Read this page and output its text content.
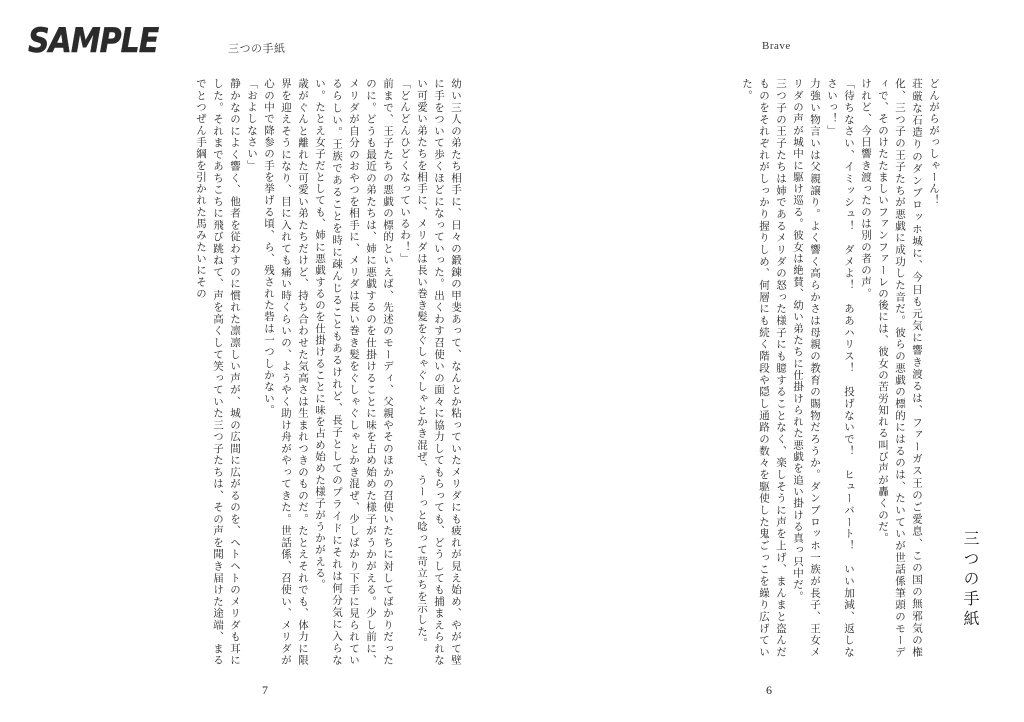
SAMPLE	三つの手紙

幼い三人の弟たち相手に、日々の鍛錬の甲斐あって、なんとか粘っていたメリダにも疲れが見え始め、やがて壁に手をついて歩くほどになっていった。出くわす召使いの面々に協力してもらっても、どうしても捕まえられない可愛い弟たちを相手に、メリダは長い巻き髪をぐしゃぐしゃとかき混ぜ、うーっと唸って苛立ちを示した。

「どんどんひどくなっているわ！」

前まで、王子たちの悪戯の標的といえば、先述のモーディ、父親やそのほかの召使いたちに対してばかりだったのに。どうも最近の弟たちは、姉に悪戯するのを仕掛けることに味を占め始めた様子がうかがえる。少し前に、メリダが自分のおやつを相手に、メリダは長い巻き髪をぐしゃぐしゃとかき混ぜ、少しばかり下手に見られているらしい。王族であることを時に疎んじることもあるけれど、長子としてのプライドにそれは何分気に入らない。たとえ女子だとしても、姉に悪戯するのを仕掛けることに味を占め始めた様子がうかがえる。

歳がぐんと離れた可愛い弟たちだけど、持ち合わせた気高さは生まれつきのものだ。たとえそれでも、体力に限界を迎えそうになり、目に入れても痛い時くらいの、ようやく助け舟がやってきた。世話係、召使い、メリダが心の中で降参の手を挙げる頃、ら、残された砦は一つしかない。

「およしなさい」

静かなのによく響く、他者を従わすのに慣れた凛凛しい声が、城の広間に広がるのを、ヘトヘトのメリダも耳にした。それまであちこちに飛び跳ねて、声を高くして笑っていた三つ子たちは、その声を聞き届けた途端、まるでとつぜん手綱を引かれた馬みたいにその

7
Brave
三つの手紙

どんがらがっしゃーん！

荘厳な石造りのダンブロッホ城に、今日も元気に響き渡るは、ファーガス王のご愛息、この国の無邪気の権化、三つ子の王子たちが悪戯に成功した音だ。彼らの悪戯の標的にはるのは、たいていが世話係筆頭のモーディで、そのけたたましいファンファーレの後には、彼女の苦労知れる叫び声が轟くのだ。

けれど、今日響き渡ったのは別の者の声。

「待ちなさい、イミッシュ！　ダメよ！　ああハリス！　投げないで！　ヒューバート！　いい加減、返しなさいっ！」

力強い物言いは父親譲り。よく響く高らかさは母親の教育の賜物だろうか。ダンブロッホ一族が長子、王女メリダの声が城中に駆け巡る。彼女は絶賛、幼い弟たちに仕掛けられた悪戯を追い掛ける真っ只中だ。

三つ子の王子たちは姉であるメリダの怒った様子にも臆することなく、楽しそうに声を上げ、まんまと盗んだものをそれぞれがしっかり握りしめ、何層にも続く階段や隠し通路の数々を駆使した鬼ごっこを繰り広げていた。

6
